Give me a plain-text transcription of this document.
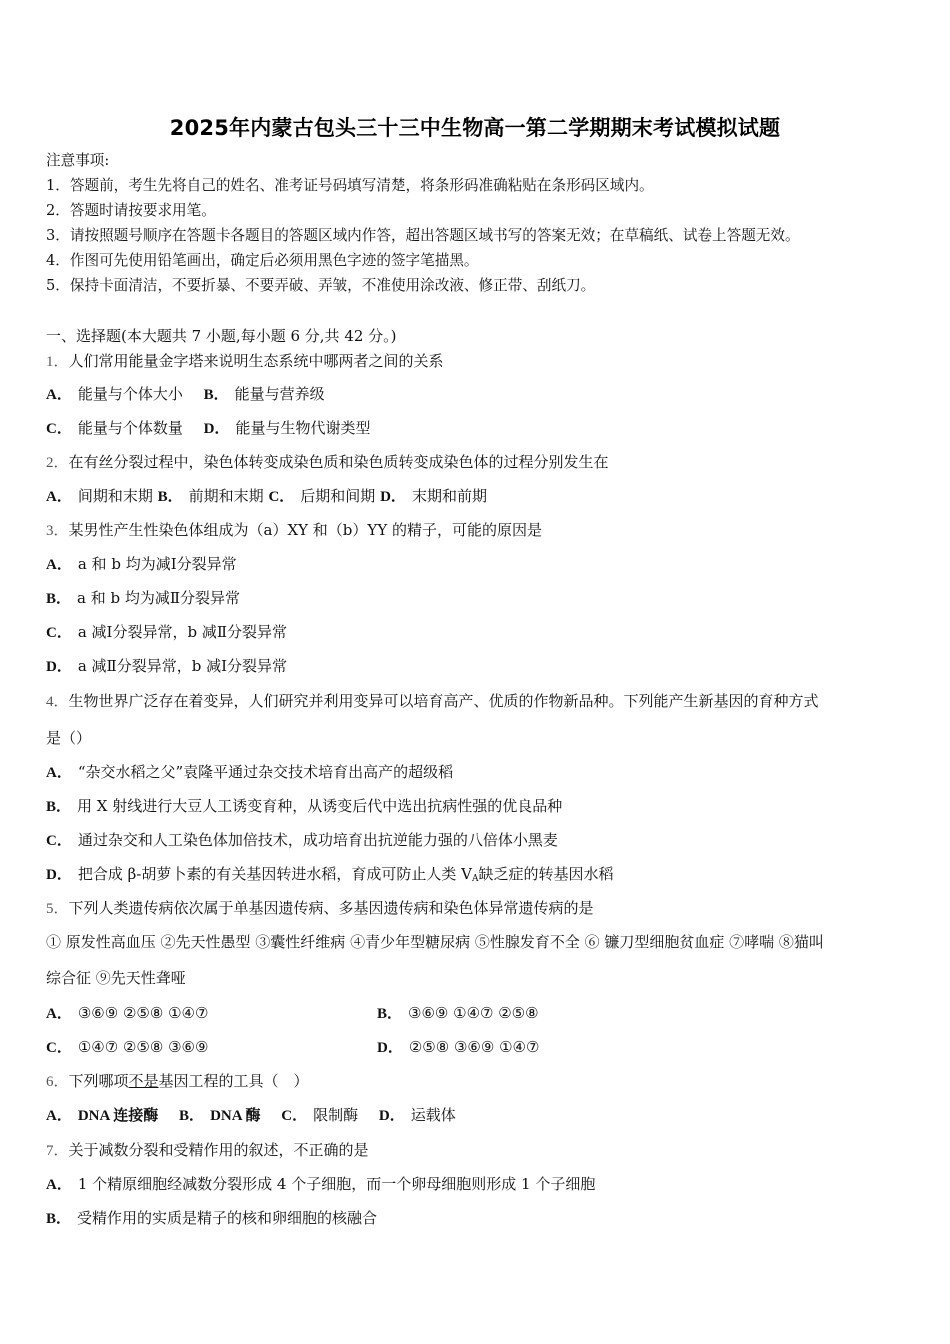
2025年内蒙古包头三十三中生物高一第二学期期末考试模拟试题
注意事项:
1．答题前，考生先将自己的姓名、准考证号码填写清楚，将条形码准确粘贴在条形码区域内。
2．答题时请按要求用笔。
3．请按照题号顺序在答题卡各题目的答题区域内作答，超出答题区域书写的答案无效；在草稿纸、试卷上答题无效。
4．作图可先使用铅笔画出，确定后必须用黑色字迹的签字笔描黑。
5．保持卡面清洁，不要折暴、不要弄破、弄皱，不准使用涂改液、修正带、刮纸刀。
一、选择题(本大题共 7 小题,每小题 6 分,共 42 分。)
1．人们常用能量金字塔来说明生态系统中哪两者之间的关系
A． 能量与个体大小 B． 能量与营养级
C． 能量与个体数量 D． 能量与生物代谢类型
2．在有丝分裂过程中，染色体转变成染色质和染色质转变成染色体的过程分别发生在
A． 间期和末期 B． 前期和末期 C． 后期和间期 D． 末期和前期
3．某男性产生性染色体组成为（a）XY 和（b）YY 的精子，可能的原因是
A． a 和 b 均为减Ⅰ分裂异常
B． a 和 b 均为减Ⅱ分裂异常
C． a 减Ⅰ分裂异常，b 减Ⅱ分裂异常
D． a 减Ⅱ分裂异常，b 减Ⅰ分裂异常
4．生物世界广泛存在着变异，人们研究并利用变异可以培育高产、优质的作物新品种。下列能产生新基因的育种方式
是（）
A． “杂交水稻之父”袁隆平通过杂交技术培育出高产的超级稻
B． 用 X 射线进行大豆人工诱变育种，从诱变后代中选出抗病性强的优良品种
C． 通过杂交和人工染色体加倍技术，成功培育出抗逆能力强的八倍体小黑麦
D． 把合成 β-胡萝卜素的有关基因转进水稻，育成可防止人类 $V_A$缺乏症的转基因水稻
5．下列人类遗传病依次属于单基因遗传病、多基因遗传病和染色体异常遗传病的是
① 原发性高血压 ②先天性愚型 ③囊性纤维病 ④青少年型糖尿病 ⑤性腺发育不全 ⑥ 镰刀型细胞贫血症 ⑦哮喘 ⑧猫叫
综合征 ⑨先天性聋哑
A． ③⑥⑨ ②⑤⑧ ①④⑦	B． ③⑥⑨ ①④⑦ ②⑤⑧
C． ①④⑦ ②⑤⑧ ③⑥⑨	D． ②⑤⑧ ③⑥⑨ ①④⑦
6．下列哪项不是基因工程的工具（　）
A． DNA 连接酶 B． DNA 酶 C． 限制酶 D． 运载体
7．关于减数分裂和受精作用的叙述，不正确的是
A． 1 个精原细胞经减数分裂形成 4 个子细胞，而一个卵母细胞则形成 1 个子细胞
B． 受精作用的实质是精子的核和卵细胞的核融合
